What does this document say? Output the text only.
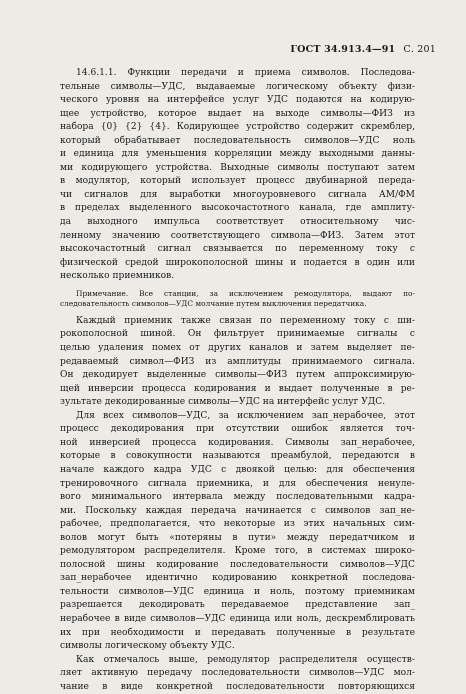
ГОСТ 34.913.4—91 С. 201
14.6.1.1. Функции передачи и приема символов. Последова-
тельные символы—УДС, выдаваемые логическому объекту физи-
ческого уровня на интерфейсе услуг УДС подаются на кодирую-
щее устройство, которое выдает на выходе символы—ФИЗ из
набора {0} {2} {4}. Кодирующее устройство содержит скремблер,
который обрабатывает последовательность символов—УДС ноль
и единица для уменьшения корреляции между выходными данны-
ми кодирующего устройства. Выходные символы поступают затем
в модулятор, который использует процесс двубинарной переда-
чи сигналов для выработки многоуровневого сигнала АМ/ФМ
в пределах выделенного высокочастотного канала, где амплиту-
да выходного импульса соответствует относительному чис-
ленному значению соответствующего символа—ФИЗ. Затем этот
высокочастотный сигнал связывается по переменному току с
физической средой широкополосной шины и подается в один или
несколько приемников.
Примечание. Все станции, за исключением ремодулятора, выдают по-
следовательность символов—УДС молчание путем выключения передатчика.
Каждый приемник также связан по переменному току с ши-
рокополосной шиной. Он фильтрует принимаемые сигналы с
целью удаления помех от других каналов и затем выделяет пе-
редаваемый символ—ФИЗ из амплитуды принимаемого сигнала.
Он декодирует выделенные символы—ФИЗ путем аппроксимирую-
щей инверсии процесса кодирования и выдает полученные в ре-
зультате декодированные символы—УДС на интерфейс услуг УДС.
Для всех символов—УДС, за исключением зап_нерабочее, этот
процесс декодирования при отсутствии ошибок является точ-
ной инверсией процесса кодирования. Символы зап_нерабочее,
которые в совокупности называются преамбулой, передаются в
начале каждого кадра УДС с двоякой целью: для обеспечения
тренировочного сигнала приемника, и для обеспечения ненуле-
вого минимального интервала между последовательными кадра-
ми. Поскольку каждая передача начинается с символов зап_не-
рабочее, предполагается, что некоторые из этих начальных сим-
волов могут быть «потеряны в пути» между передатчиком и
ремодулятором распределителя. Кроме того, в системах широко-
полосной шины кодирование последовательности символов—УДС
зап_нерабочее идентично кодированию конкретной последова-
тельности символов—УДС единица и ноль, поэтому приемникам
разрешается декодировать передаваемое представление зап_
нерабочее в виде символов—УДС единица или ноль, дескремблировать
их при необходимости и передавать полученные в результате
символы логическому объекту УДС.
Как отмечалось выше, ремодулятор распределителя осуществ-
ляет активную передачу последовательности символов—УДС мол-
чание в виде конкретной последовательности повторяющихся
